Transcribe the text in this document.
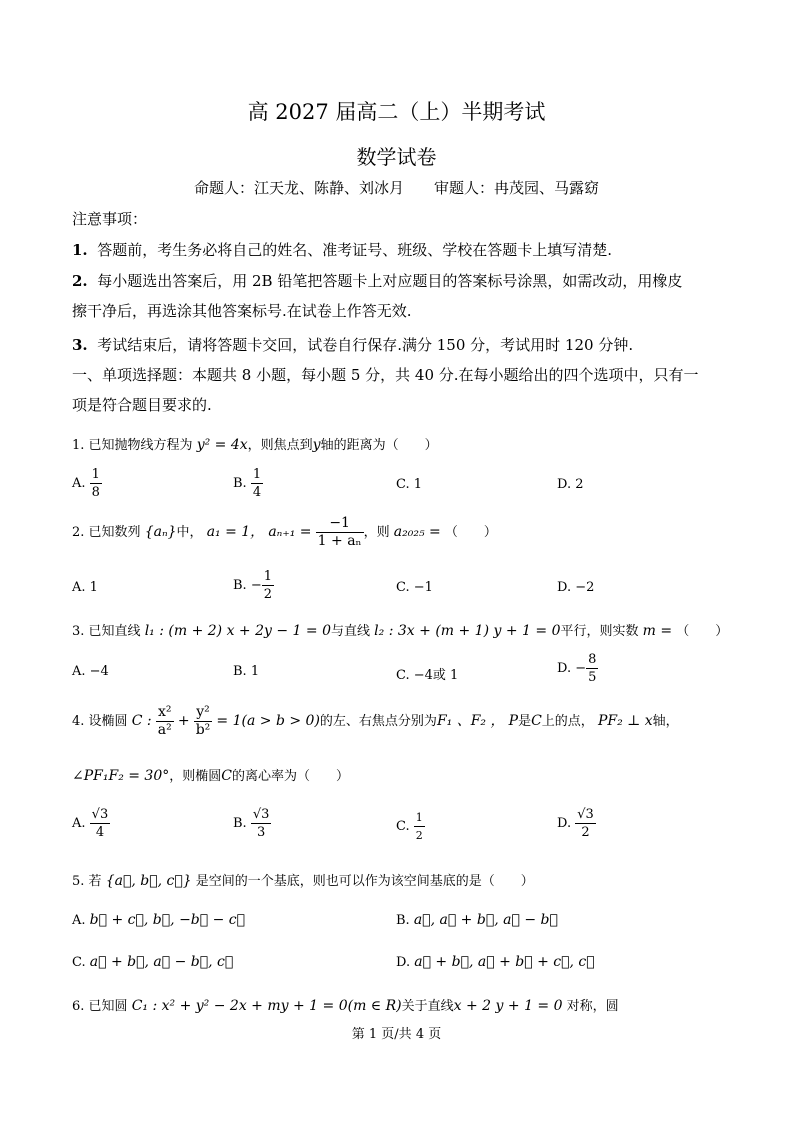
高 2027 届高二（上）半期考试
数学试卷
命题人：江天龙、陈静、刘冰月　　审题人：冉茂园、马露窈
注意事项：
1. 答题前，考生务必将自己的姓名、准考证号、班级、学校在答题卡上填写清楚.
2. 每小题选出答案后，用 2B 铅笔把答题卡上对应题目的答案标号涂黑，如需改动，用橡皮
擦干净后，再选涂其他答案标号.在试卷上作答无效.
3. 考试结束后，请将答题卡交回，试卷自行保存.满分 150 分，考试用时 120 分钟.
一、单项选择题：本题共 8 小题，每小题 5 分，共 40 分.在每小题给出的四个选项中，只有一
项是符合题目要求的.
1. 已知抛物线方程为 y² = 4x，则焦点到y轴的距离为（　　）
A. $\frac{1}{8}$	B. $\frac{1}{4}$	C. 1	D. 2
2. 已知数列 {aₙ}中， a₁ = 1， $a_{n+1} = \frac{-1}{\text{1 + aₙ}}$ ，则 a₂₀₂₅ = （　　）
A. 1	B. − $\frac{1}{2}$	C. −1	D. −2
3. 已知直线 l₁ : (m + 2) x + 2y − 1 = 0与直线 l₂ : 3x + (m + 1) y + 1 = 0平行，则实数 m = （　　）
A. −4	B. 1	C. −4或 1	D. − $\frac{8}{5}$
4. 设椭圆 C : $\frac{\text{x²}}{\text{a²}} + \frac{\text{y²}}{\text{b²}} = 1(a > b > 0)$的左、右焦点分别为F₁ 、F₂ ， P是C上的点， PF₂ ⊥ x轴，
∠PF₁F₂ = 30°，则椭圆C的离心率为（　　）
A. $\frac{√3}{4}$	B. $\frac{√3}{3}$	C. $\frac{1}{2}$	D. $\frac{√3}{2}$
5. 若 {a⃗, b⃗, c⃗} 是空间的一个基底，则也可以作为该空间基底的是（　　）
A. b⃗ + c⃗, b⃗, −b⃗ − c⃗	B. a⃗, a⃗ + b⃗, a⃗ − b⃗
C. a⃗ + b⃗, a⃗ − b⃗, c⃗	D. a⃗ + b⃗, a⃗ + b⃗ + c⃗, c⃗
6. 已知圆 C₁ : x² + y² − 2x + my + 1 = 0(m ∈ R)关于直线x + 2 y + 1 = 0 对称，圆
第 1 页/共 4 页
